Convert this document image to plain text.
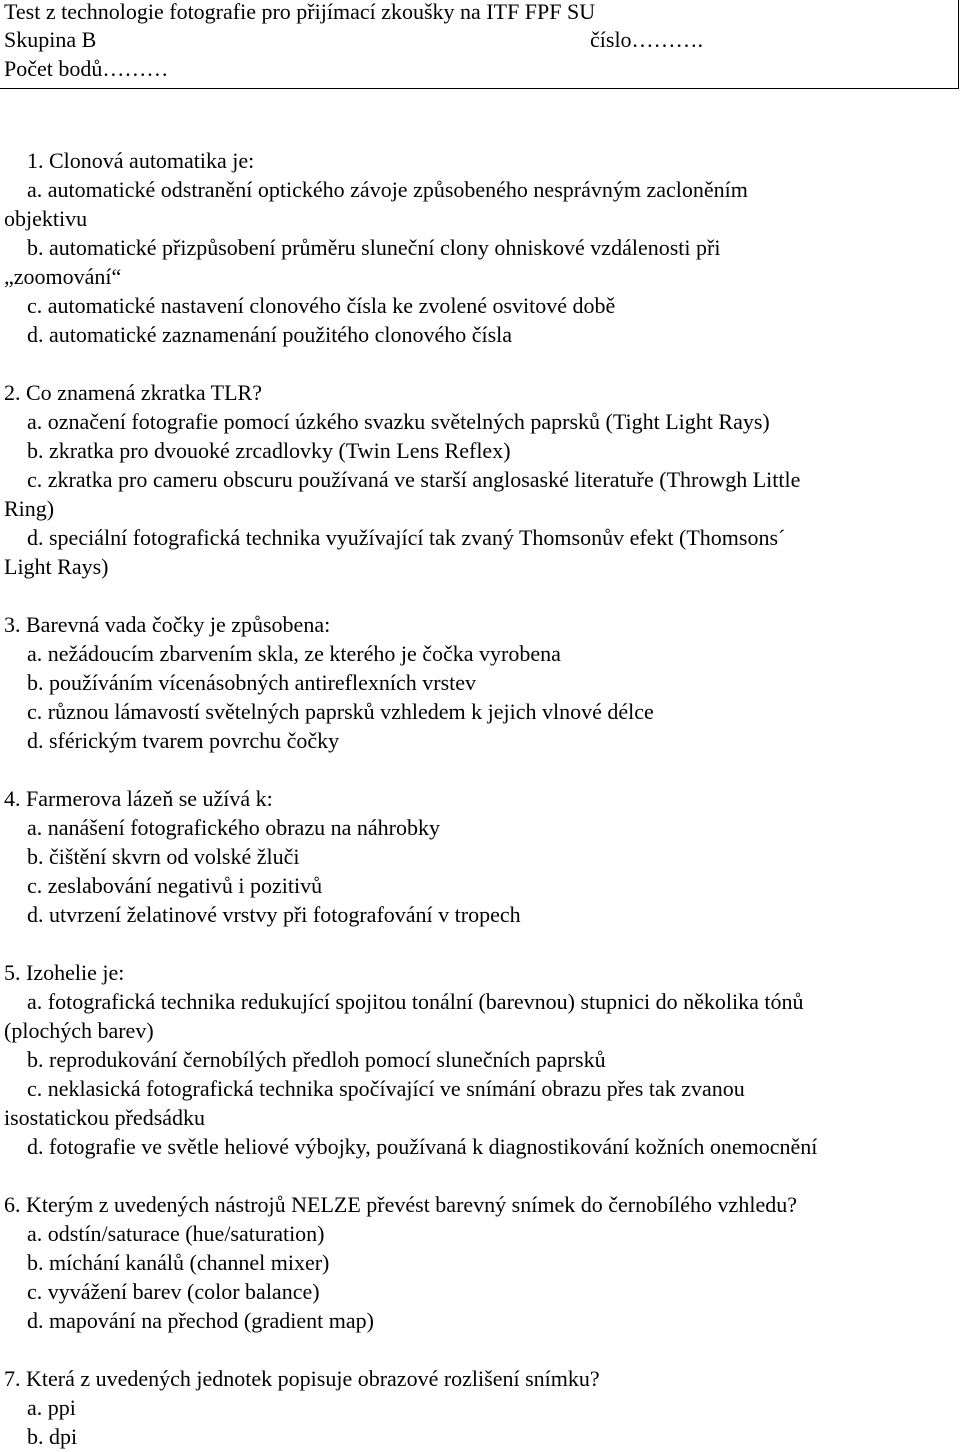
Test z technologie fotografie pro přijímací zkoušky na ITF FPF SU
Skupina B	číslo……….
Počet bodů………
1. Clonová automatika je:
a. automatické odstranění optického závoje způsobeného nesprávným zacloněním
objektivu
b. automatické přizpůsobení průměru sluneční clony ohniskové vzdálenosti při
„zoomování“
c. automatické nastavení clonového čísla ke zvolené osvitové době
d. automatické zaznamenání použitého clonového čísla
2. Co znamená zkratka TLR?
a. označení fotografie pomocí úzkého svazku světelných paprsků (Tight Light Rays)
b. zkratka pro dvouoké zrcadlovky (Twin Lens Reflex)
c. zkratka pro cameru obscuru používaná ve starší anglosaské literatuře (Throwgh Little
Ring)
d. speciální fotografická technika využívající tak zvaný Thomsonův efekt (Thomsons´
Light Rays)
3. Barevná vada čočky je způsobena:
a. nežádoucím zbarvením skla, ze kterého je čočka vyrobena
b. používáním vícenásobných antireflexních vrstev
c. různou lámavostí světelných paprsků vzhledem k jejich vlnové délce
d. sférickým tvarem povrchu čočky
4. Farmerova lázeň se užívá k:
a. nanášení fotografického obrazu na náhrobky
b. čištění skvrn od volské žluči
c. zeslabování negativů i pozitivů
d. utvrzení želatinové vrstvy při fotografování v tropech
5. Izohelie je:
a. fotografická technika redukující spojitou tonální (barevnou) stupnici do několika tónů
(plochých barev)
b. reprodukování černobílých předloh pomocí slunečních paprsků
c. neklasická fotografická technika spočívající ve snímání obrazu přes tak zvanou
isostatickou předsádku
d. fotografie ve světle heliové výbojky, používaná k diagnostikování kožních onemocnění
6. Kterým z uvedených nástrojů NELZE převést barevný snímek do černobílého vzhledu?
a. odstín/saturace (hue/saturation)
b. míchání kanálů (channel mixer)
c. vyvážení barev (color balance)
d. mapování na přechod (gradient map)
7. Která z uvedených jednotek popisuje obrazové rozlišení snímku?
a. ppi
b. dpi
